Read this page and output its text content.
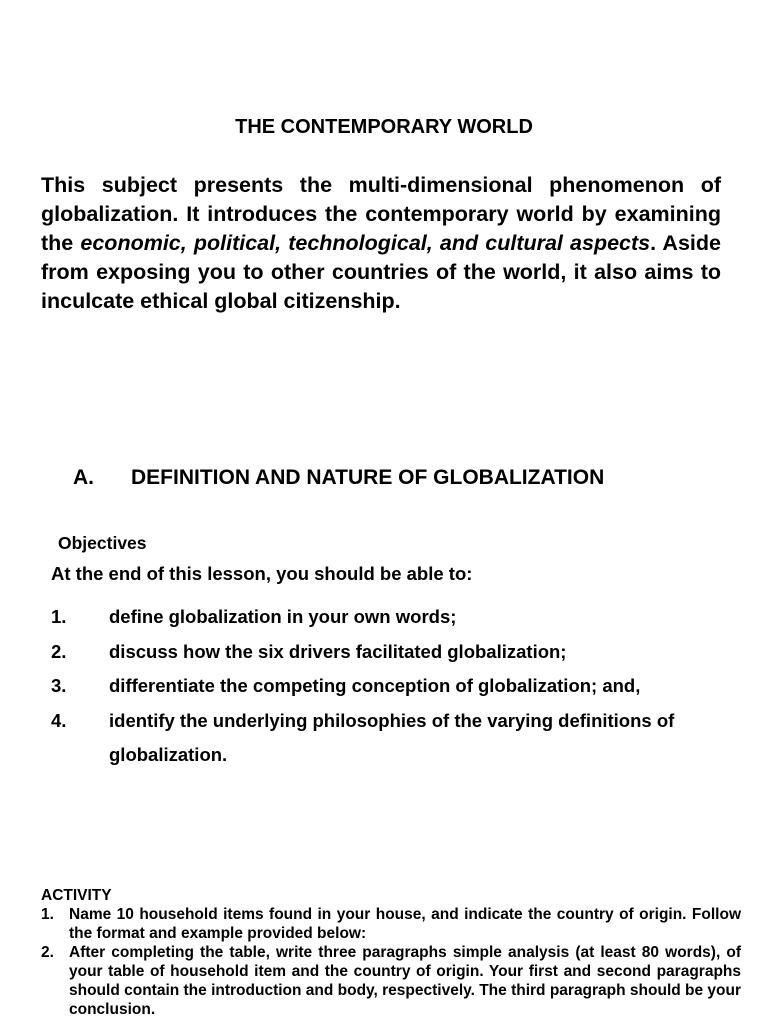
THE CONTEMPORARY WORLD
This subject presents the multi-dimensional phenomenon of globalization. It introduces the contemporary world by examining the economic, political, technological, and cultural aspects. Aside from exposing you to other countries of the world, it also aims to inculcate ethical global citizenship.
A. DEFINITION AND NATURE OF GLOBALIZATION
Objectives
At the end of this lesson, you should be able to:
1.	define globalization in your own words;
2.	discuss how the six drivers facilitated globalization;
3.	differentiate the competing conception of globalization; and,
4.	identify the underlying philosophies of the varying definitions of globalization.
ACTIVITY
1. Name 10 household items found in your house, and indicate the country of origin. Follow the format and example provided below:
2. After completing the table, write three paragraphs simple analysis (at least 80 words), of your table of household item and the country of origin. Your first and second paragraphs should contain the introduction and body, respectively. The third paragraph should be your conclusion.
